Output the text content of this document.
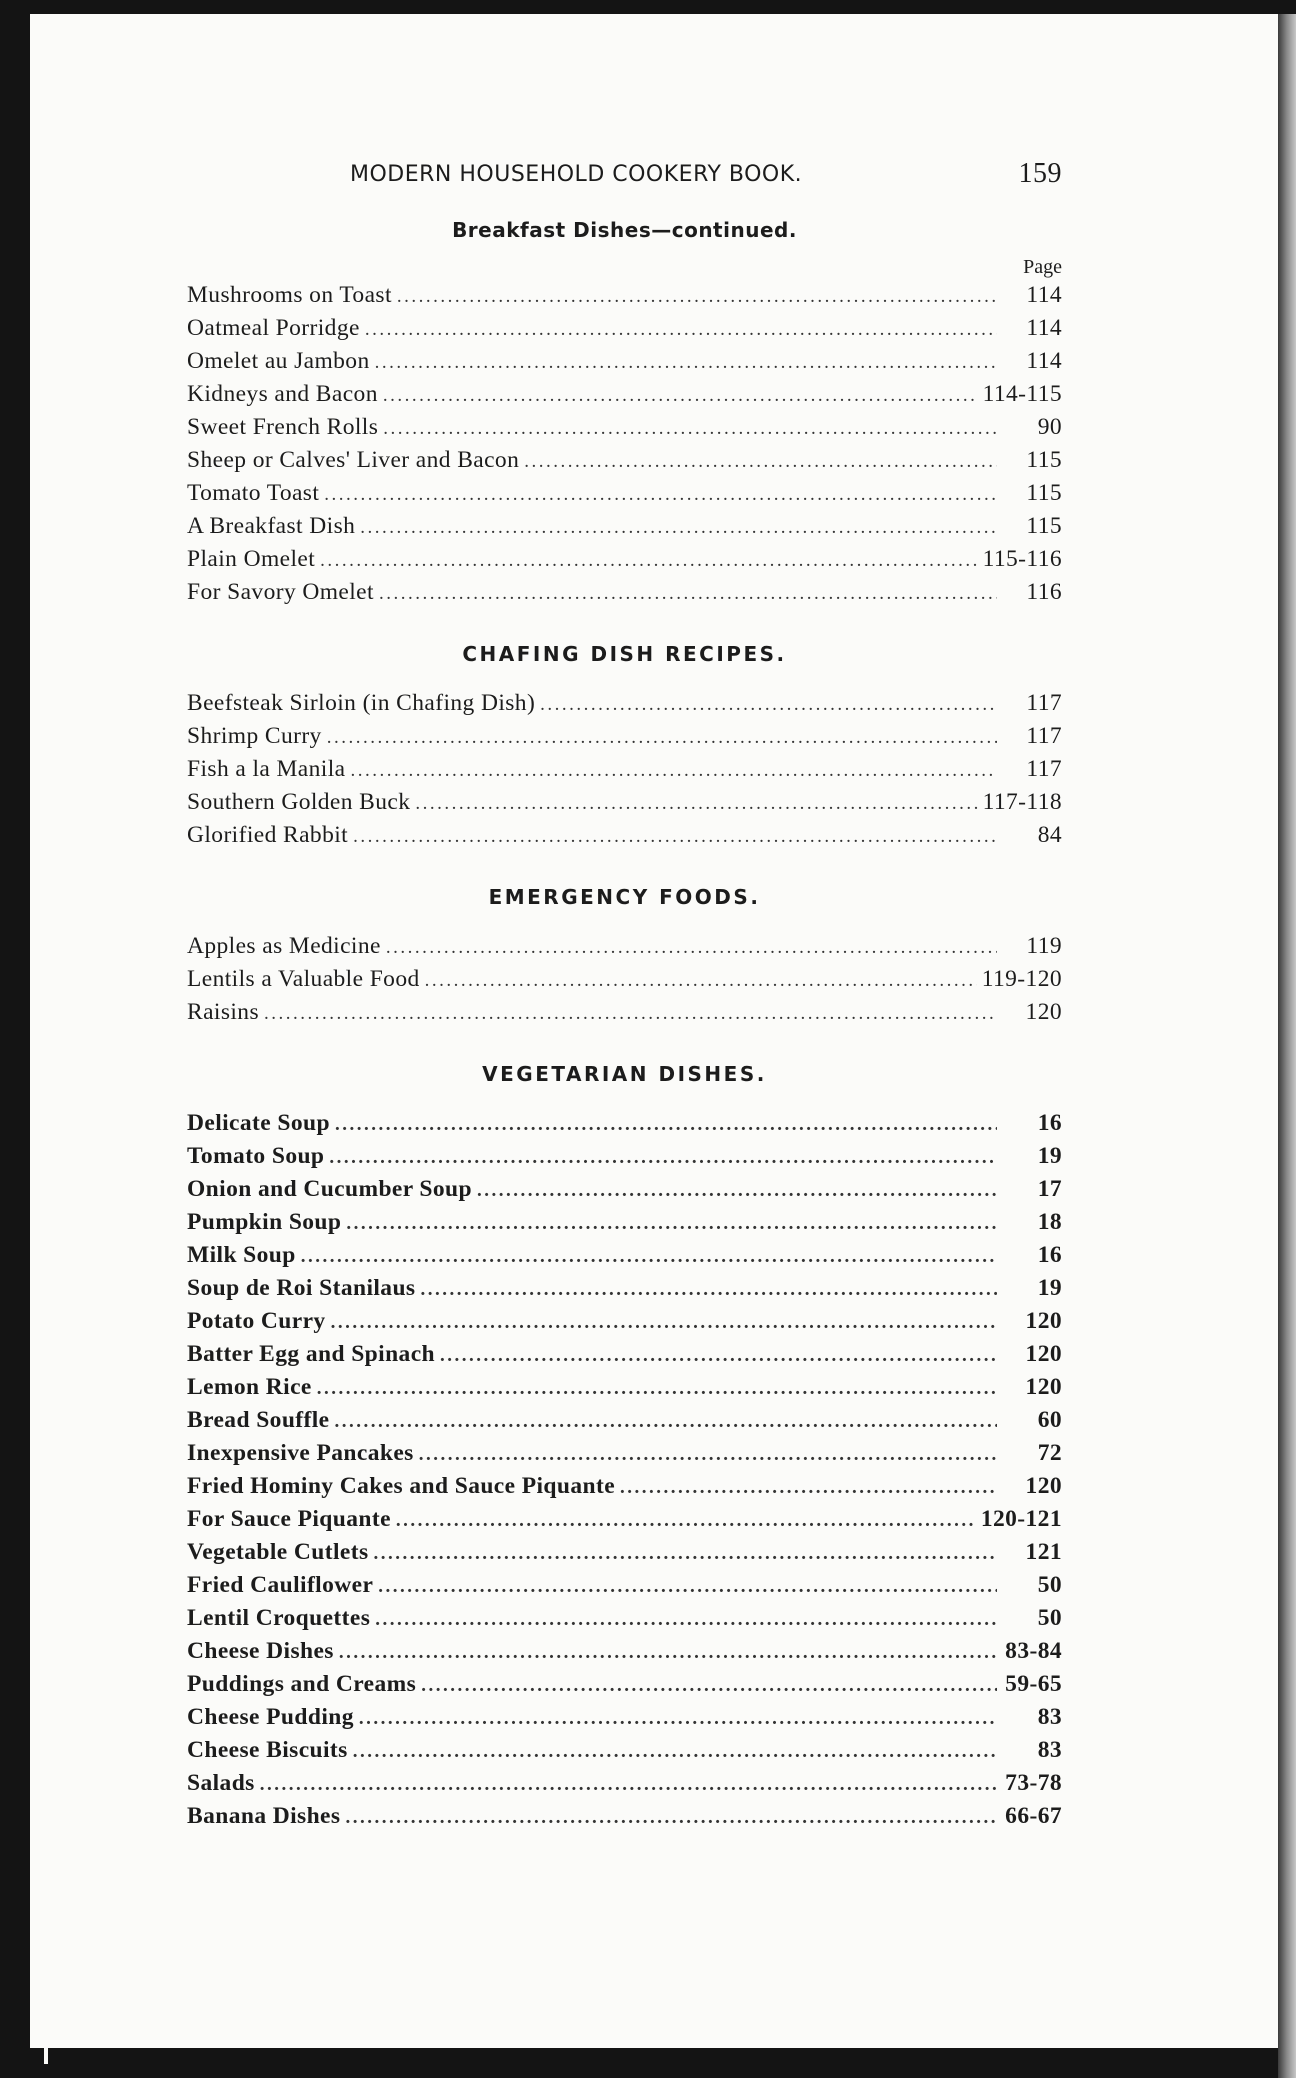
MODERN HOUSEHOLD COOKERY BOOK.	159
Breakfast Dishes—continued.
Page
Mushrooms on Toast .....	114
Oatmeal Porridge .....	114
Omelet au Jambon .....	114
Kidneys and Bacon .....	114-115
Sweet French Rolls .....	90
Sheep or Calves' Liver and Bacon .....	115
Tomato Toast .....	115
A Breakfast Dish .....	115
Plain Omelet .....	115-116
For Savory Omelet .....	116
CHAFING DISH RECIPES.
Beefsteak Sirloin (in Chafing Dish) .....	117
Shrimp Curry .....	117
Fish a la Manila .....	117
Southern Golden Buck .....	117-118
Glorified Rabbit .....	84
EMERGENCY FOODS.
Apples as Medicine .....	119
Lentils a Valuable Food .....	119-120
Raisins .....	120
VEGETARIAN DISHES.
Delicate Soup .....	16
Tomato Soup .....	19
Onion and Cucumber Soup .....	17
Pumpkin Soup .....	18
Milk Soup .....	16
Soup de Roi Stanilaus .....	19
Potato Curry .....	120
Batter Egg and Spinach .....	120
Lemon Rice .....	120
Bread Souffle .....	60
Inexpensive Pancakes .....	72
Fried Hominy Cakes and Sauce Piquante .....	120
For Sauce Piquante .....	120-121
Vegetable Cutlets .....	121
Fried Cauliflower .....	50
Lentil Croquettes .....	50
Cheese Dishes .....	83-84
Puddings and Creams .....	59-65
Cheese Pudding .....	83
Cheese Biscuits .....	83
Salads .....	73-78
Banana Dishes .....	66-67
